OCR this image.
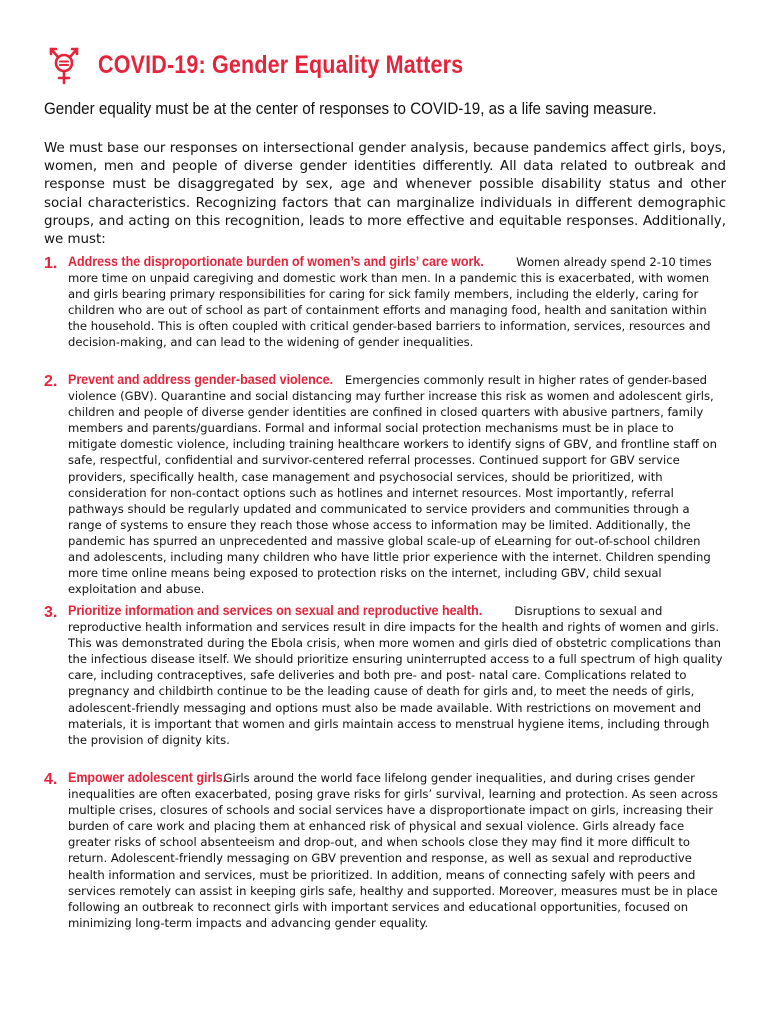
COVID-19: Gender Equality Matters
Gender equality must be at the center of responses to COVID-19, as a life saving measure.
We must base our responses on intersectional gender analysis, because pandemics affect girls, boys, women, men and people of diverse gender identities differently. All data related to outbreak and response must be disaggregated by sex, age and whenever possible disability status and other social characteristics. Recognizing factors that can marginalize individuals in different demographic groups, and acting on this recognition, leads to more effective and equitable responses. Additionally, we must:
1. Address the disproportionate burden of women’s and girls’ care work.	Women already spend 2-10 times more time on unpaid caregiving and domestic work than men. In a pandemic this is exacerbated, with women and girls bearing primary responsibilities for caring for sick family members, including the elderly, caring for children who are out of school as part of containment efforts and managing food, health and sanitation within the household. This is often coupled with critical gender-based barriers to information, services, resources and decision-making, and can lead to the widening of gender inequalities.
2. Prevent and address gender-based violence. Emergencies commonly result in higher rates of gender-based violence (GBV). Quarantine and social distancing may further increase this risk as women and adolescent girls, children and people of diverse gender identities are confined in closed quarters with abusive partners, family members and parents/guardians. Formal and informal social protection mechanisms must be in place to mitigate domestic violence, including training healthcare workers to identify signs of GBV, and frontline staff on safe, respectful, confidential and survivor-centered referral processes. Continued support for GBV service providers, specifically health, case management and psychosocial services, should be prioritized, with consideration for non-contact options such as hotlines and internet resources. Most importantly, referral pathways should be regularly updated and communicated to service providers and communities through a range of systems to ensure they reach those whose access to information may be limited. Additionally, the pandemic has spurred an unprecedented and massive global scale-up of eLearning for out-of-school children and adolescents, including many children who have little prior experience with the internet. Children spending more time online means being exposed to protection risks on the internet, including GBV, child sexual exploitation and abuse.
3. Prioritize information and services on sexual and reproductive health.	Disruptions to sexual and reproductive health information and services result in dire impacts for the health and rights of women and girls. This was demonstrated during the Ebola crisis, when more women and girls died of obstetric complications than the infectious disease itself. We should prioritize ensuring uninterrupted access to a full spectrum of high quality care, including contraceptives, safe deliveries and both pre- and post- natal care. Complications related to pregnancy and childbirth continue to be the leading cause of death for girls and, to meet the needs of girls, adolescent-friendly messaging and options must also be made available. With restrictions on movement and materials, it is important that women and girls maintain access to menstrual hygiene items, including through the provision of dignity kits.
4. Empower adolescent girls. Girls around the world face lifelong gender inequalities, and during crises gender inequalities are often exacerbated, posing grave risks for girls’ survival, learning and protection. As seen across multiple crises, closures of schools and social services have a disproportionate impact on girls, increasing their burden of care work and placing them at enhanced risk of physical and sexual violence. Girls already face greater risks of school absenteeism and drop-out, and when schools close they may find it more difficult to return. Adolescent-friendly messaging on GBV prevention and response, as well as sexual and reproductive health information and services, must be prioritized. In addition, means of connecting safely with peers and services remotely can assist in keeping girls safe, healthy and supported. Moreover, measures must be in place following an outbreak to reconnect girls with important services and educational opportunities, focused on minimizing long-term impacts and advancing gender equality.
